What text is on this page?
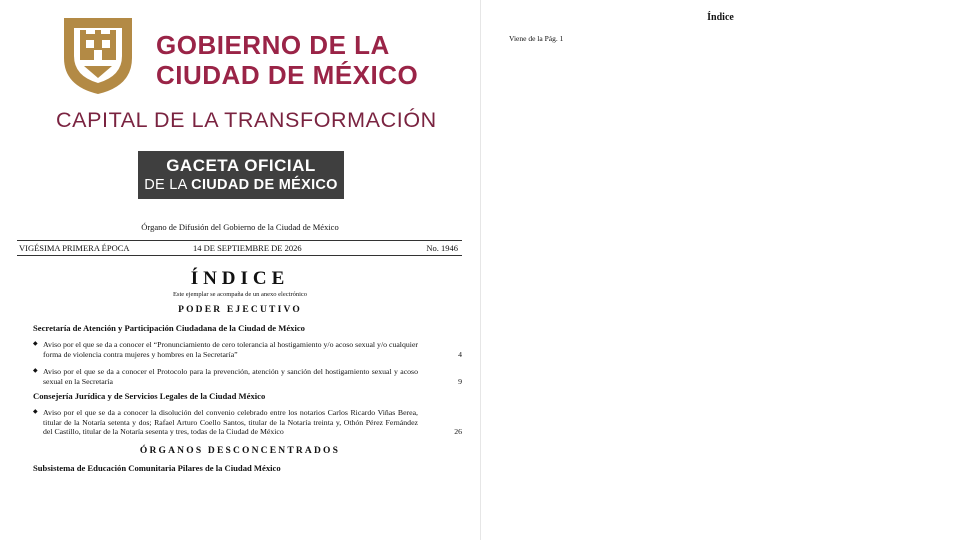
GOBIERNO DE LA
CIUDAD DE MÉXICO

CAPITAL DE LA TRANSFORMACIÓN

GACETA OFICIAL
DE LA CIUDAD DE MÉXICO
Órgano de Difusión del Gobierno de la Ciudad de México
VIGÉSIMA PRIMERA ÉPOCA	14 DE SEPTIEMBRE DE 2026	No. 1946
ÍNDICE
Este ejemplar se acompaña de un anexo electrónico
PODER EJECUTIVO
Secretaría de Atención y Participación Ciudadana de la Ciudad de México
◆ Aviso por el que se da a conocer el “Pronunciamiento de cero tolerancia al hostigamiento y/o acoso sexual y/o cualquier forma de violencia contra mujeres y hombres en la Secretaría”	4
◆ Aviso por el que se da a conocer el Protocolo para la prevención, atención y sanción del hostigamiento sexual y acoso sexual en la Secretaría	9
Consejería Jurídica y de Servicios Legales de la Ciudad México
◆ Aviso por el que se da a conocer la disolución del convenio celebrado entre los notarios Carlos Ricardo Viñas Berea, titular de la Notaría setenta y dos; Rafael Arturo Coello Santos, titular de la Notaría treinta y, Othón Pérez Fernández del Castillo, titular de la Notaría sesenta y tres, todas de la Ciudad de México	26
ÓRGANOS DESCONCENTRADOS
Subsistema de Educación Comunitaria Pilares de la Ciudad México
Índice
Viene de la Pág. 1
